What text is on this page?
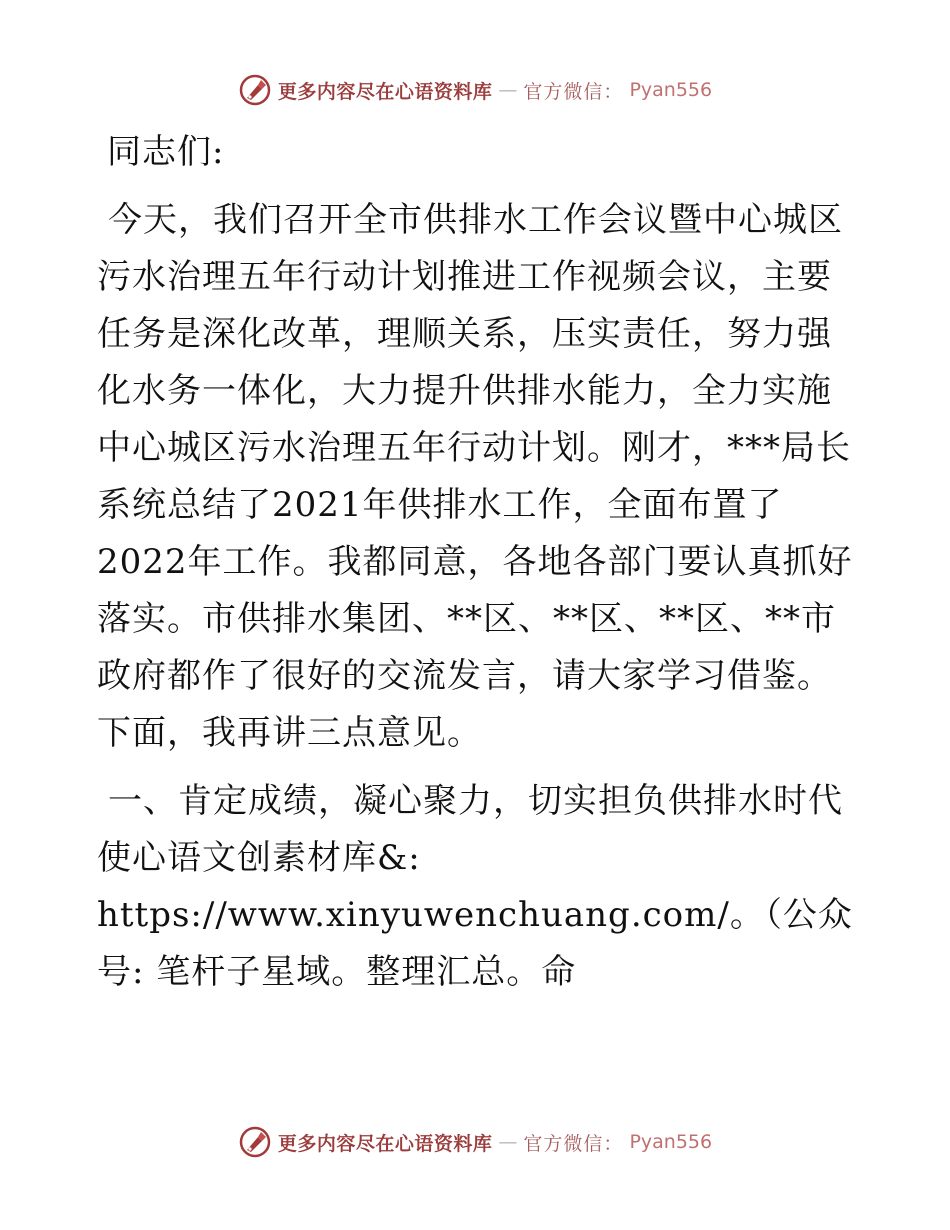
更多内容尽在心语资料库 — 官方微信： Pyan556

同志们:

今天，我们召开全市供排水工作会议暨中心城区污水治理五年行动计划推进工作视频会议，主要任务是深化改革，理顺关系，压实责任，努力强化水务一体化，大力提升供排水能力，全力实施中心城区污水治理五年行动计划。刚才，***局长系统总结了2021年供排水工作，全面布置了2022年工作。我都同意，各地各部门要认真抓好落实。市供排水集团、**区、**区、**区、**市政府都作了很好的交流发言，请大家学习借鉴。下面，我再讲三点意见。

一、肯定成绩，凝心聚力，切实担负供排水时代使心语文创素材库&: https://www.xinyuwenchuang.com/。（公众号: 笔杆子星域。整理汇总。命

更多内容尽在心语资料库 — 官方微信： Pyan556
